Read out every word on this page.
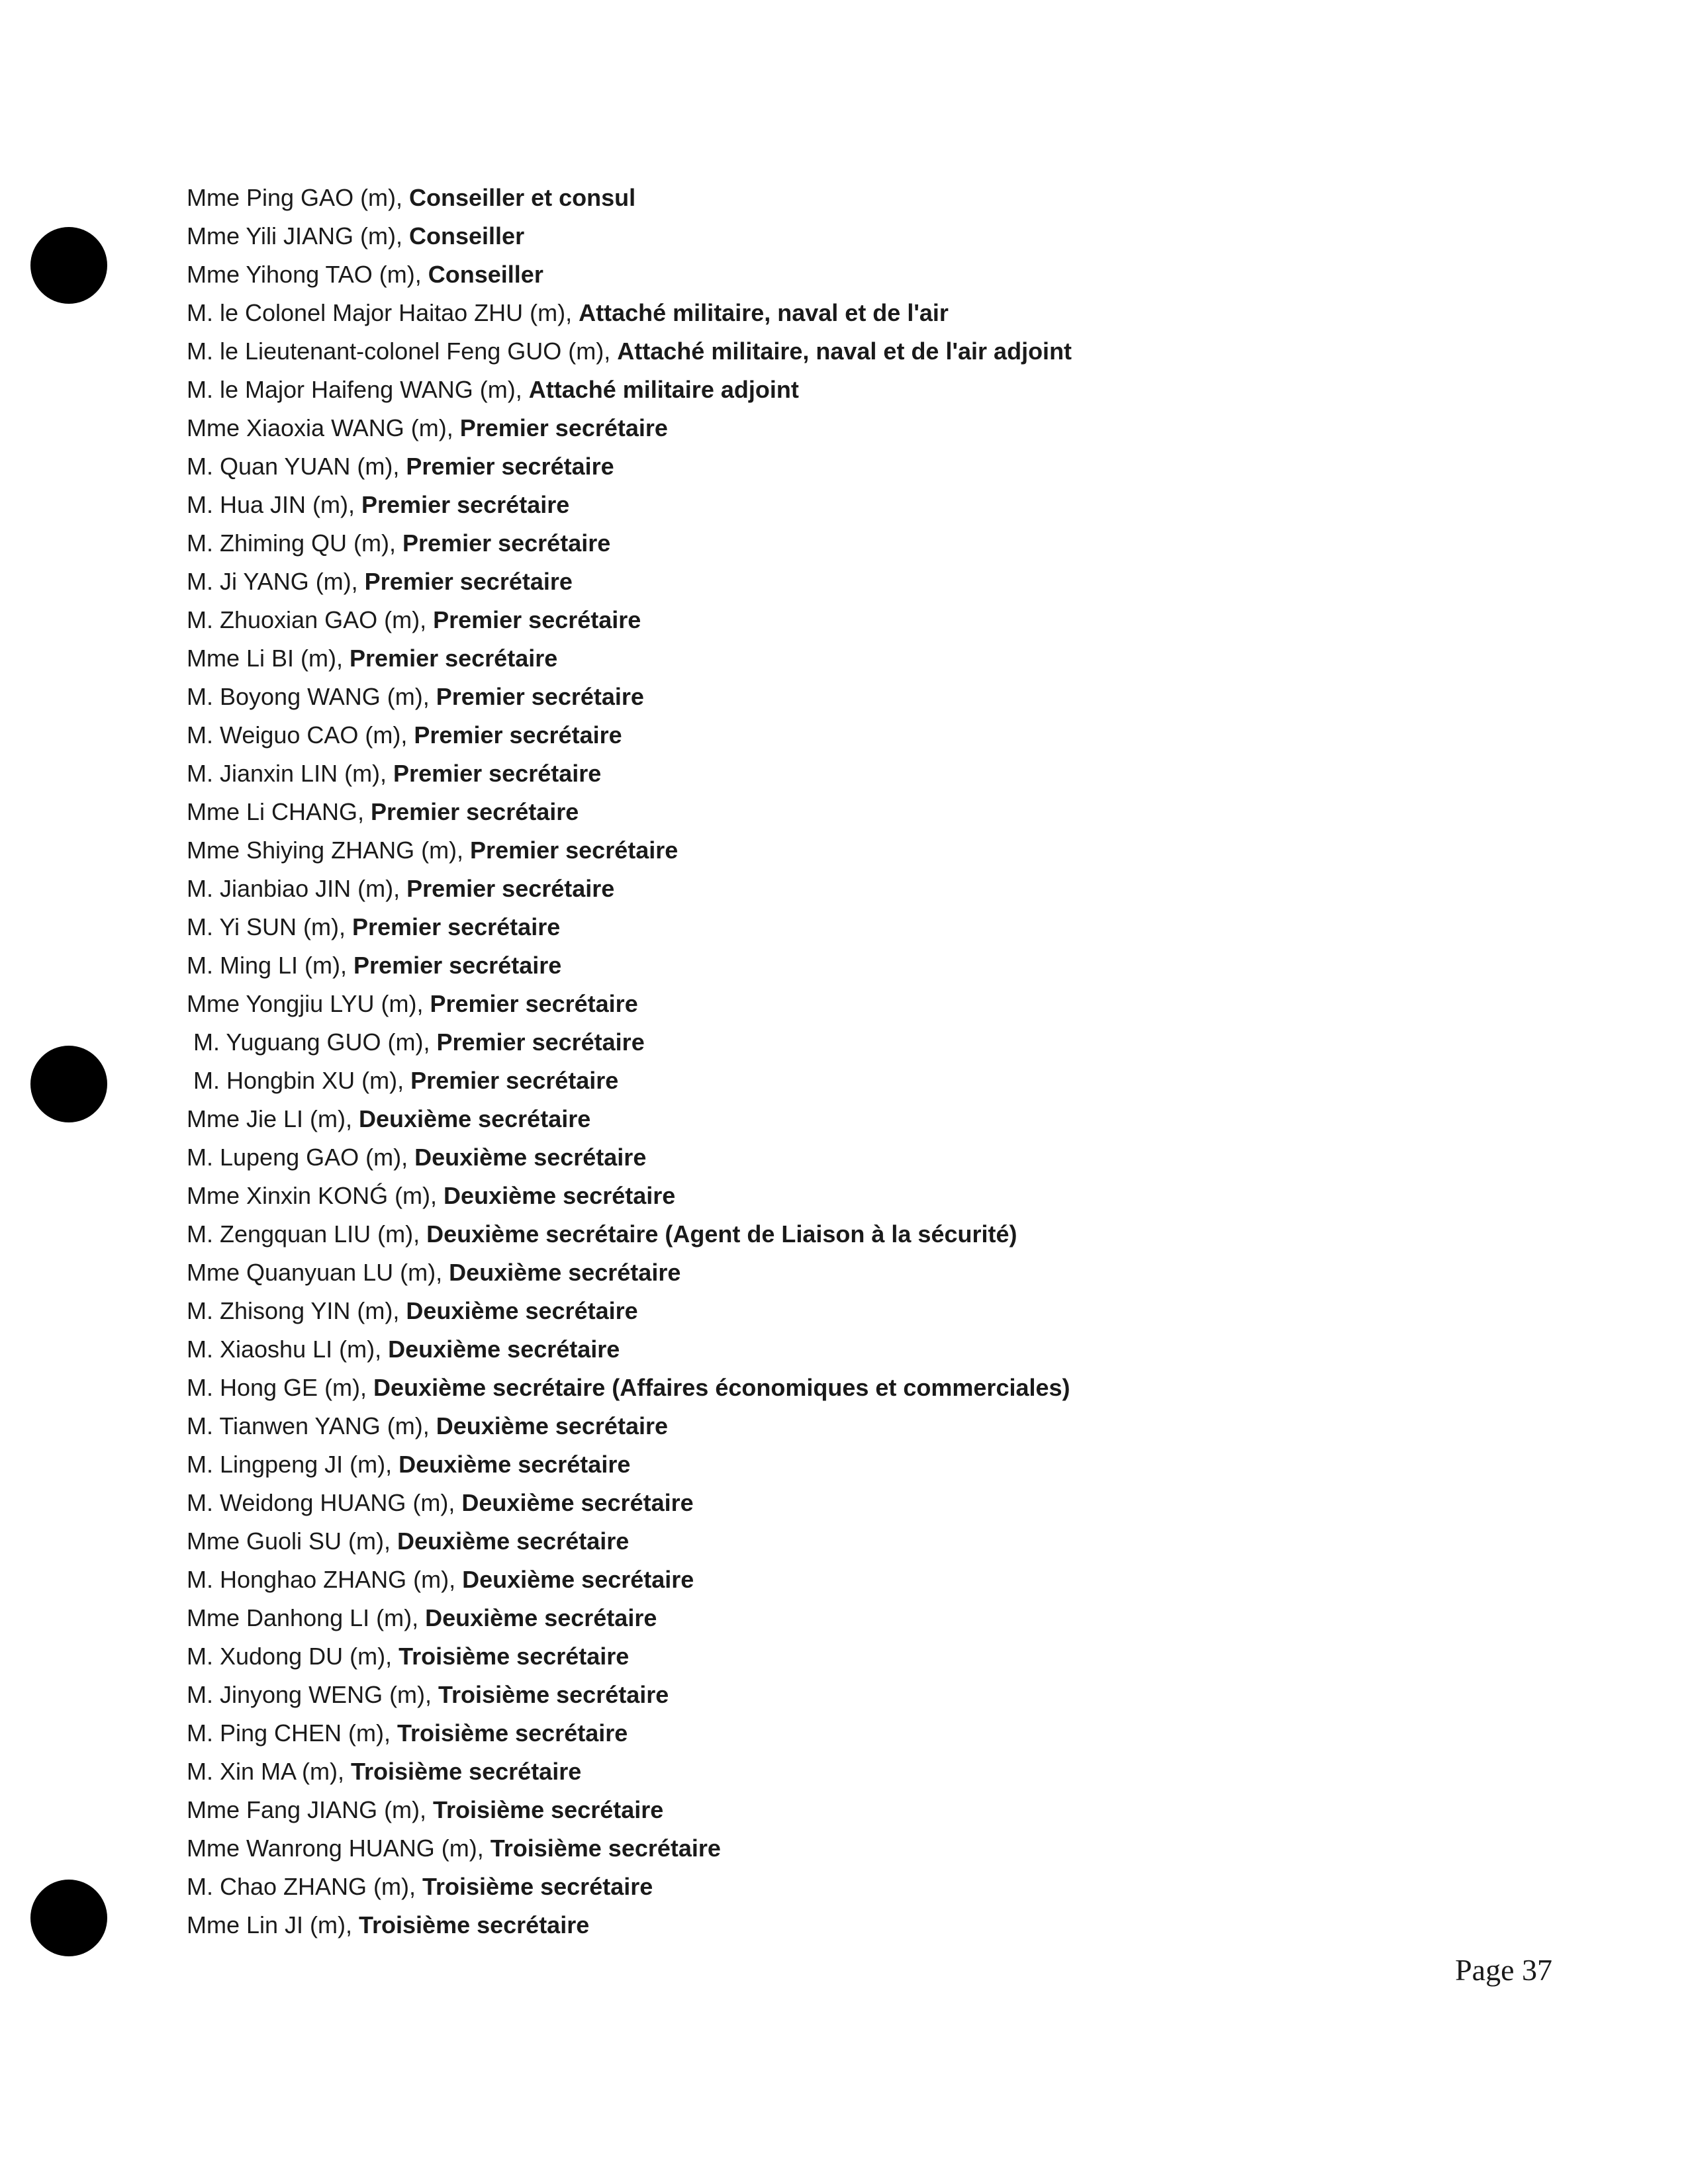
Mme Ping GAO (m), Conseiller et consul
Mme Yili JIANG (m), Conseiller
Mme Yihong TAO (m), Conseiller
M. le Colonel Major Haitao ZHU (m), Attaché militaire, naval et de l'air
M. le Lieutenant-colonel Feng GUO (m), Attaché militaire, naval et de l'air adjoint
M. le Major Haifeng WANG (m), Attaché militaire adjoint
Mme Xiaoxia WANG (m), Premier secrétaire
M. Quan YUAN (m), Premier secrétaire
M. Hua JIN (m), Premier secrétaire
M. Zhiming QU (m), Premier secrétaire
M. Ji YANG (m), Premier secrétaire
M. Zhuoxian GAO (m), Premier secrétaire
Mme Li BI (m), Premier secrétaire
M. Boyong WANG (m), Premier secrétaire
M. Weiguo CAO (m), Premier secrétaire
M. Jianxin LIN (m), Premier secrétaire
Mme Li CHANG, Premier secrétaire
Mme Shiying ZHANG (m), Premier secrétaire
M. Jianbiao JIN (m), Premier secrétaire
M. Yi SUN (m), Premier secrétaire
M. Ming LI (m), Premier secrétaire
Mme Yongjiu LYU (m), Premier secrétaire
M. Yuguang GUO (m), Premier secrétaire
M. Hongbin XU (m), Premier secrétaire
Mme Jie LI (m), Deuxième secrétaire
M. Lupeng GAO (m), Deuxième secrétaire
Mme Xinxin KONǴ (m), Deuxième secrétaire
M. Zengquan LIU (m), Deuxième secrétaire (Agent de Liaison à la sécurité)
Mme Quanyuan LU (m), Deuxième secrétaire
M. Zhisong YIN (m), Deuxième secrétaire
M. Xiaoshu LI (m), Deuxième secrétaire
M. Hong GE (m), Deuxième secrétaire (Affaires économiques et commerciales)
M. Tianwen YANG (m), Deuxième secrétaire
M. Lingpeng JI (m), Deuxième secrétaire
M. Weidong HUANG (m), Deuxième secrétaire
Mme Guoli SU (m), Deuxième secrétaire
M. Honghao ZHANG (m), Deuxième secrétaire
Mme Danhong LI (m), Deuxième secrétaire
M. Xudong DU (m), Troisième secrétaire
M. Jinyong WENG (m), Troisième secrétaire
M. Ping CHEN (m), Troisième secrétaire
M. Xin MA (m), Troisième secrétaire
Mme Fang JIANG (m), Troisième secrétaire
Mme Wanrong HUANG (m), Troisième secrétaire
M. Chao ZHANG (m), Troisième secrétaire
Mme Lin JI (m), Troisième secrétaire
Page 37
